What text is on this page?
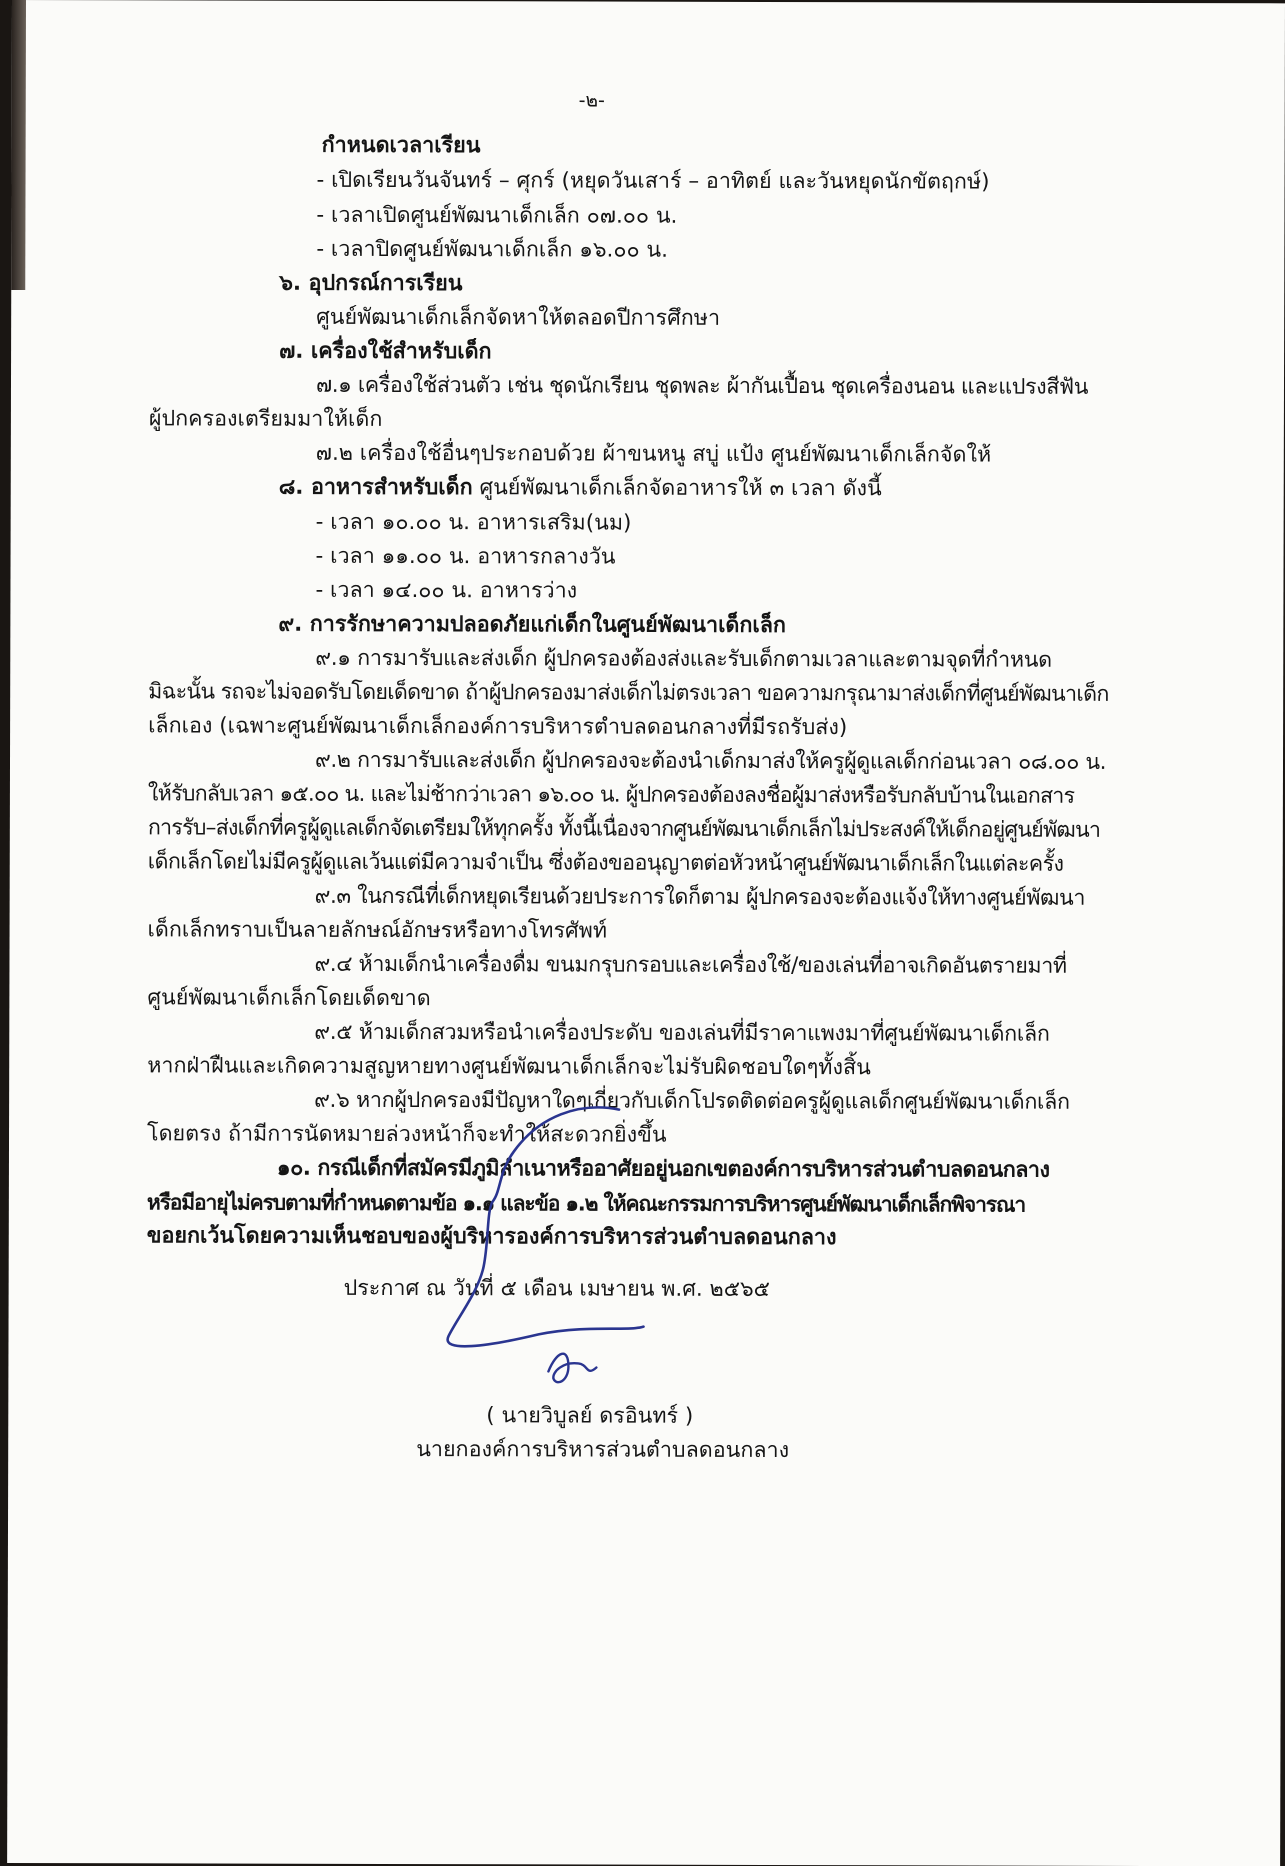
-๒-
กำหนดเวลาเรียน
- เปิดเรียนวันจันทร์ – ศุกร์ (หยุดวันเสาร์ – อาทิตย์ และวันหยุดนักขัตฤกษ์)
- เวลาเปิดศูนย์พัฒนาเด็กเล็ก ๐๗.๐๐ น.
- เวลาปิดศูนย์พัฒนาเด็กเล็ก ๑๖.๐๐ น.
๖. อุปกรณ์การเรียน
ศูนย์พัฒนาเด็กเล็กจัดหาให้ตลอดปีการศึกษา
๗. เครื่องใช้สำหรับเด็ก
๗.๑ เครื่องใช้ส่วนตัว เช่น ชุดนักเรียน ชุดพละ ผ้ากันเปื้อน ชุดเครื่องนอน และแปรงสีฟัน
ผู้ปกครองเตรียมมาให้เด็ก
๗.๒ เครื่องใช้อื่นๆประกอบด้วย ผ้าขนหนู สบู่ แป้ง ศูนย์พัฒนาเด็กเล็กจัดให้
๘. อาหารสำหรับเด็ก ศูนย์พัฒนาเด็กเล็กจัดอาหารให้ ๓ เวลา ดังนี้
- เวลา ๑๐.๐๐ น. อาหารเสริม(นม)
- เวลา ๑๑.๐๐ น. อาหารกลางวัน
- เวลา ๑๔.๐๐ น. อาหารว่าง
๙. การรักษาความปลอดภัยแก่เด็กในศูนย์พัฒนาเด็กเล็ก
๙.๑ การมารับและส่งเด็ก ผู้ปกครองต้องส่งและรับเด็กตามเวลาและตามจุดที่กำหนด
มิฉะนั้น รถจะไม่จอดรับโดยเด็ดขาด ถ้าผู้ปกครองมาส่งเด็กไม่ตรงเวลา ขอความกรุณามาส่งเด็กที่ศูนย์พัฒนาเด็ก
เล็กเอง (เฉพาะศูนย์พัฒนาเด็กเล็กองค์การบริหารตำบลดอนกลางที่มีรถรับส่ง)
๙.๒ การมารับและส่งเด็ก ผู้ปกครองจะต้องนำเด็กมาส่งให้ครูผู้ดูแลเด็กก่อนเวลา ๐๘.๐๐ น.
ให้รับกลับเวลา ๑๕.๐๐ น. และไม่ช้ากว่าเวลา ๑๖.๐๐ น. ผู้ปกครองต้องลงชื่อผู้มาส่งหรือรับกลับบ้านในเอกสาร
การรับ–ส่งเด็กที่ครูผู้ดูแลเด็กจัดเตรียมให้ทุกครั้ง ทั้งนี้เนื่องจากศูนย์พัฒนาเด็กเล็กไม่ประสงค์ให้เด็กอยู่ศูนย์พัฒนา
เด็กเล็กโดยไม่มีครูผู้ดูแลเว้นแต่มีความจำเป็น ซึ่งต้องขออนุญาตต่อหัวหน้าศูนย์พัฒนาเด็กเล็กในแต่ละครั้ง
๙.๓ ในกรณีที่เด็กหยุดเรียนด้วยประการใดก็ตาม ผู้ปกครองจะต้องแจ้งให้ทางศูนย์พัฒนา
เด็กเล็กทราบเป็นลายลักษณ์อักษรหรือทางโทรศัพท์
๙.๔ ห้ามเด็กนำเครื่องดื่ม ขนมกรุบกรอบและเครื่องใช้/ของเล่นที่อาจเกิดอันตรายมาที่
ศูนย์พัฒนาเด็กเล็กโดยเด็ดขาด
๙.๕ ห้ามเด็กสวมหรือนำเครื่องประดับ ของเล่นที่มีราคาแพงมาที่ศูนย์พัฒนาเด็กเล็ก
หากฝ่าฝืนและเกิดความสูญหายทางศูนย์พัฒนาเด็กเล็กจะไม่รับผิดชอบใดๆทั้งสิ้น
๙.๖ หากผู้ปกครองมีปัญหาใดๆเกี่ยวกับเด็กโปรดติดต่อครูผู้ดูแลเด็กศูนย์พัฒนาเด็กเล็ก
โดยตรง ถ้ามีการนัดหมายล่วงหน้าก็จะทำให้สะดวกยิ่งขึ้น
๑๐. กรณีเด็กที่สมัครมีภูมิลำเนาหรืออาศัยอยู่นอกเขตองค์การบริหารส่วนตำบลดอนกลาง
หรือมีอายุไม่ครบตามที่กำหนดตามข้อ ๑.๑ และข้อ ๑.๒ ให้คณะกรรมการบริหารศูนย์พัฒนาเด็กเล็กพิจารณา
ขอยกเว้นโดยความเห็นชอบของผู้บริหารองค์การบริหารส่วนตำบลดอนกลาง
ประกาศ ณ วันที่ ๕ เดือน เมษายน พ.ศ. ๒๕๖๕
( นายวิบูลย์ ดรอินทร์ )
นายกองค์การบริหารส่วนตำบลดอนกลาง
